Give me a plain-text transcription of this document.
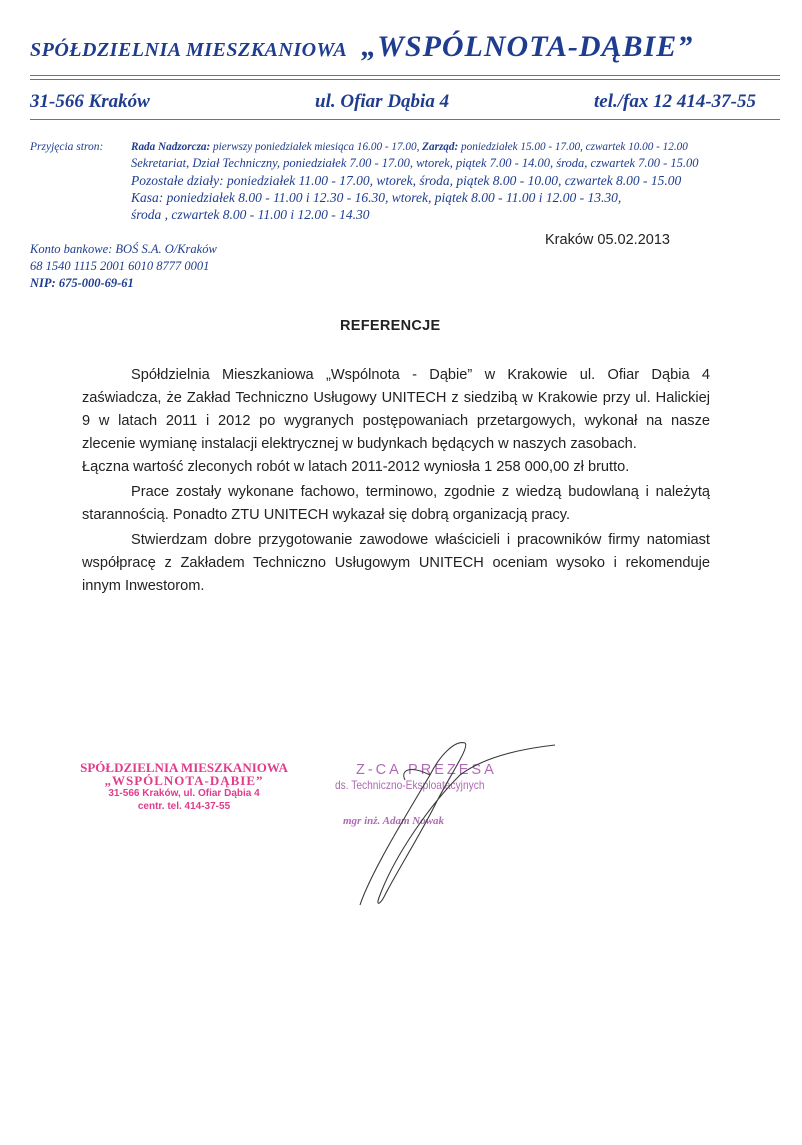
SPÓŁDZIELNIA MIESZKANIOWA „WSPÓLNOTA-DĄBIE”
31-566 Kraków	ul. Ofiar Dąbia 4	tel./fax 12 414-37-55
Przyjęcia stron: Rada Nadzorcza: pierwszy poniedziałek miesiąca 16.00 - 17.00, Zarząd: poniedziałek 15.00 - 17.00, czwartek 10.00 - 12.00
Sekretariat, Dział Techniczny, poniedziałek 7.00 - 17.00, wtorek, piątek 7.00 - 14.00, środa, czwartek 7.00 - 15.00
Pozostałe działy: poniedziałek 11.00 - 17.00, wtorek, środa, piątek 8.00 - 10.00, czwartek 8.00 - 15.00
Kasa: poniedziałek 8.00 - 11.00 i 12.30 - 16.30, wtorek, piątek 8.00 - 11.00 i 12.00 - 13.30,
środa , czwartek 8.00 - 11.00 i 12.00 - 14.30
Konto bankowe: BOŚ S.A. O/Kraków
68 1540 1115 2001 6010 8777 0001
NIP: 675-000-69-61
Kraków 05.02.2013
REFERENCJE

Spółdzielnia Mieszkaniowa „Wspólnota - Dąbie” w Krakowie ul. Ofiar Dąbia 4 zaświadcza, że Zakład Techniczno Usługowy UNITECH z siedzibą w Krakowie przy ul. Halickiej 9 w latach 2011 i 2012 po wygranych postępowaniach przetargowych, wykonał na nasze zlecenie wymianę instalacji elektrycznej w budynkach będących w naszych zasobach.

Łączna wartość zleconych robót w latach 2011-2012 wyniosła 1 258 000,00 zł brutto.

Prace zostały wykonane fachowo, terminowo, zgodnie z wiedzą budowlaną i należytą starannością. Ponadto ZTU UNITECH wykazał się dobrą organizacją pracy.

Stwierdzam dobre przygotowanie zawodowe właścicieli i pracowników firmy natomiast współpracę z Zakładem Techniczno Usługowym UNITECH oceniam wysoko i rekomenduje innym Inwestorom.

SPÓŁDZIELNIA MIESZKANIOWA
„WSPÓLNOTA-DĄBIE”
31-566 Kraków, ul. Ofiar Dąbia 4
centr. tel. 414-37-55
Z-CA PREZESA
ds. Techniczno-Eksploatacyjnych
mgr inż. Adam Nowak
